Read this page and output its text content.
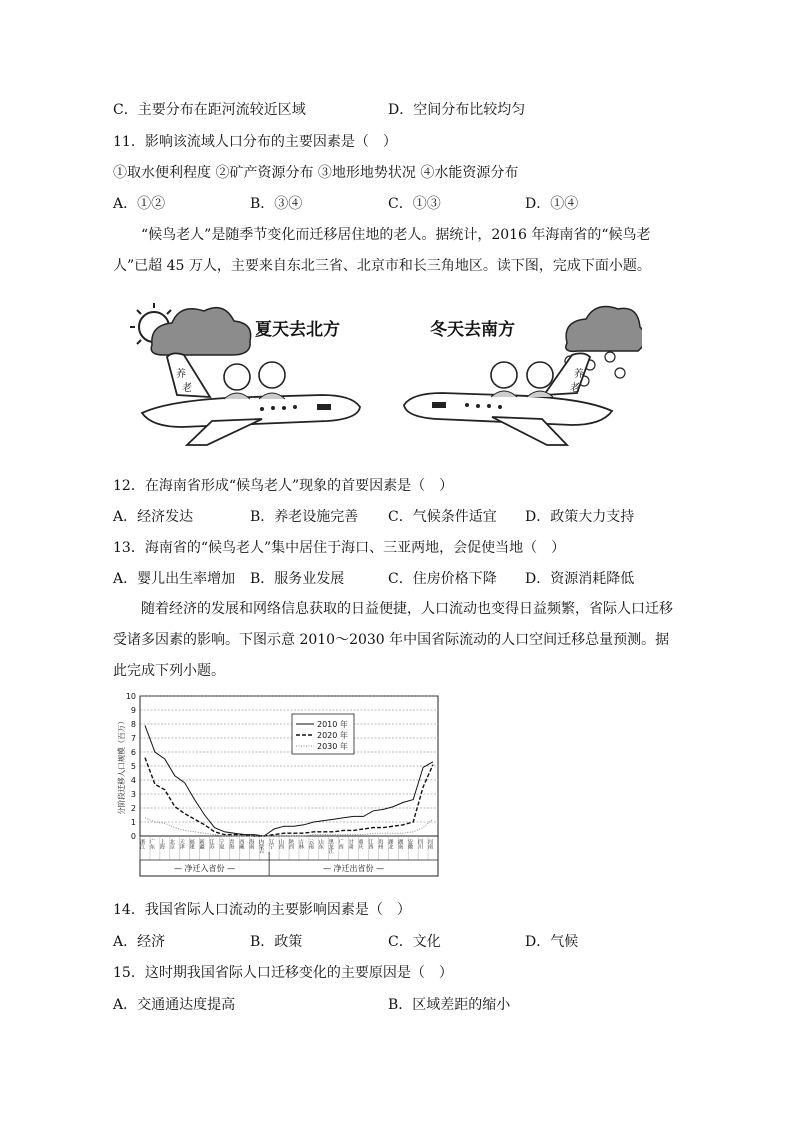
C．主要分布在距河流较近区域	D．空间分布比较均匀
11．影响该流域人口分布的主要因素是（　）
①取水便利程度 ②矿产资源分布 ③地形地势状况 ④水能资源分布
A．①②	B．③④	C．①③	D．①④
“候鸟老人”是随季节变化而迁移居住地的老人。据统计，2016 年海南省的“候鸟老人”已超 45 万人，主要来自东北三省、北京市和长三角地区。读下图，完成下面小题。
夏天去北方
养
老
冬天去南方
养
老
12．在海南省形成“候鸟老人”现象的首要因素是（　）
A．经济发达	B．养老设施完善 C．气候条件适宜 D．政策大力支持
13．海南省的“候鸟老人”集中居住于海口、三亚两地，会促使当地（　）
A．婴儿出生率增加 B．服务业发展	C．住房价格下降 D．资源消耗降低
随着经济的发展和网络信息获取的日益便捷，人口流动也变得日益频繁，省际人口迁移受诸多因素的影响。下图示意 2010～2030 年中国省际流动的人口空间迁移总量预测。据此完成下列小题。
0
1
2
3
4
5
6
7
8
9
10
分阶段迁移人口规模（百万）
浙江 广东 上海 北京 天津 福建 新疆 江苏 宁夏 青海 西藏 海南 内蒙古 辽宁 山西 陕西 吉林 云南 山东 黑龙江 广西 甘肃 重庆 江西 贵州 湖北 湖南 安徽 四川 河南
— 净迁入省份 —	— 净迁出省份 —
2010 年
2020 年
2030 年
14．我国省际人口流动的主要影响因素是（　）
A．经济	B．政策	C．文化	D．气候
15．这时期我国省际人口迁移变化的主要原因是（　）
A．交通通达度提高	B．区域差距的缩小
